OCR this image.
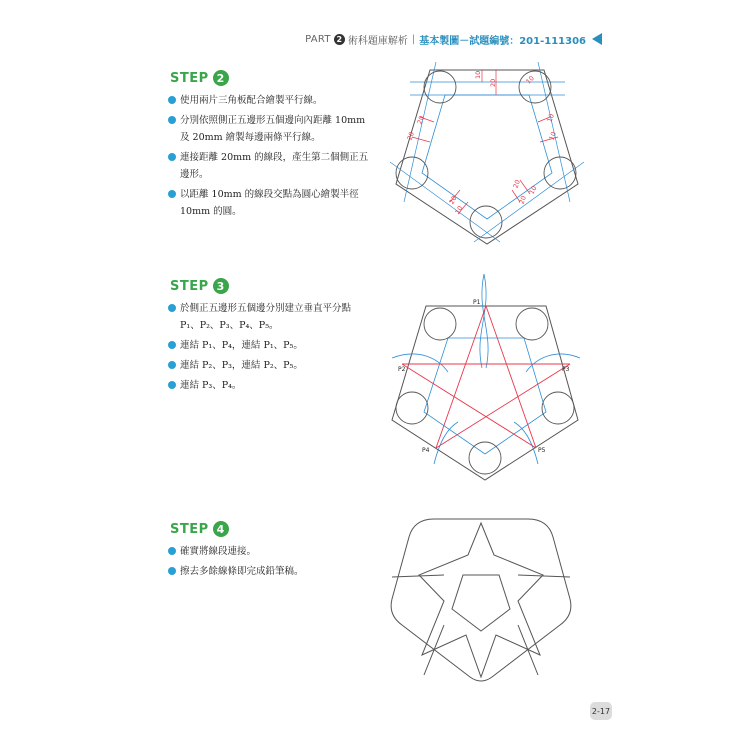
PART 2 術科題庫解析 | 基本製圖－試題編號：201-111306
STEP 2
使用兩片三角板配合繪製平行線。
分別依照側正五邊形五個邊向內距離 10mm 及 20mm 繪製每邊兩條平行線。
連接距離 20mm 的線段，產生第二個側正五邊形。
以距離 10mm 的線段交點為圓心繪製半徑 10mm 的圓。
10
20	10
20
20
10
10
20	20
10
10
20
STEP 3
於側正五邊形五個邊分別建立垂直平分點 P₁、P₂、P₃、P₄、P₅。
連結 P₁、P₄，連結 P₁、P₅。
連結 P₂、P₃，連結 P₂、P₅。
連結 P₃、P₄。
P1
P2	P3
P4	P5
STEP 4
確實將線段連接。
擦去多餘線條即完成鉛筆稿。
2-17
